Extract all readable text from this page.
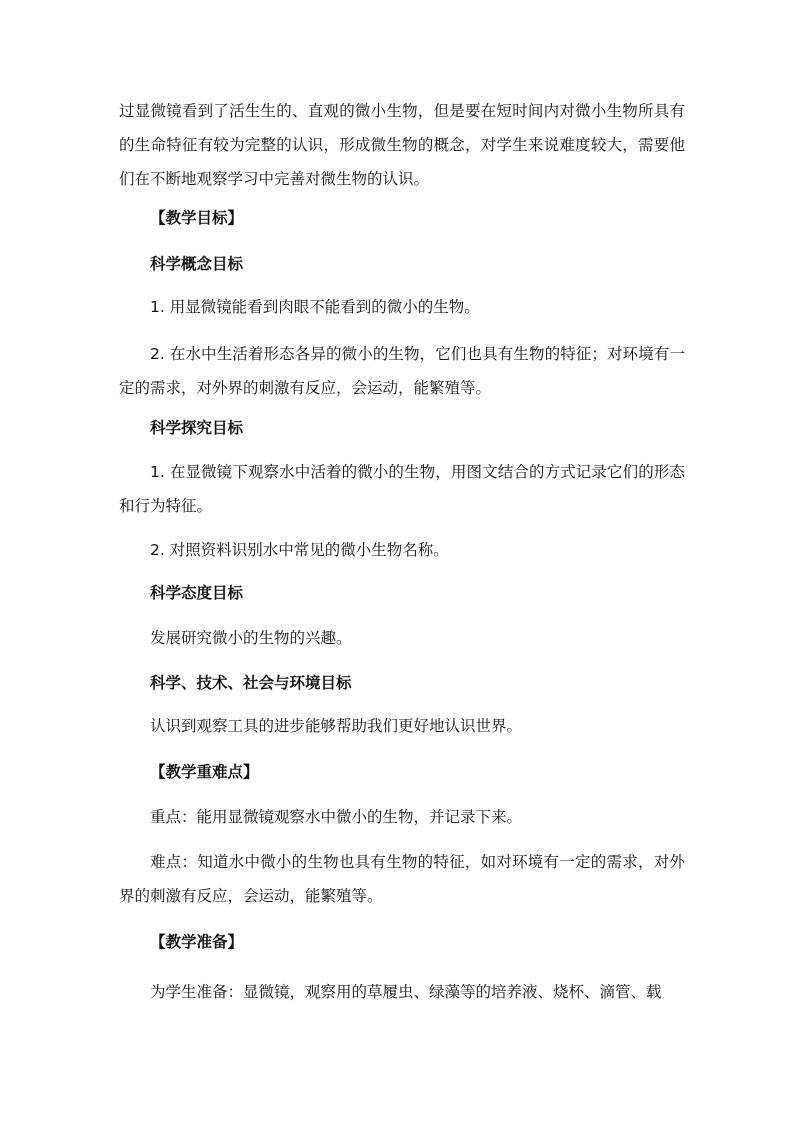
过显微镜看到了活生生的、直观的微小生物，但是要在短时间内对微小生物所具有的生命特征有较为完整的认识，形成微生物的概念，对学生来说难度较大，需要他们在不断地观察学习中完善对微生物的认识。

【教学目标】

科学概念目标

1. 用显微镜能看到肉眼不能看到的微小的生物。

2. 在水中生活着形态各异的微小的生物，它们也具有生物的特征；对环境有一定的需求，对外界的刺激有反应，会运动，能繁殖等。

科学探究目标

1. 在显微镜下观察水中活着的微小的生物，用图文结合的方式记录它们的形态和行为特征。

2. 对照资料识别水中常见的微小生物名称。

科学态度目标

发展研究微小的生物的兴趣。

科学、技术、社会与环境目标

认识到观察工具的进步能够帮助我们更好地认识世界。

【教学重难点】

重点：能用显微镜观察水中微小的生物，并记录下来。

难点：知道水中微小的生物也具有生物的特征，如对环境有一定的需求，对外界的刺激有反应，会运动，能繁殖等。

【教学准备】

为学生准备：显微镜，观察用的草履虫、绿藻等的培养液、烧杯、滴管、载
